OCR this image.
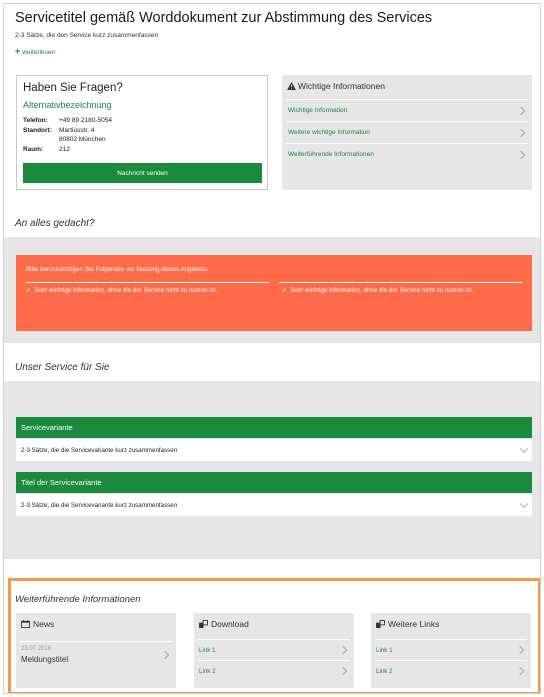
Servicetitel gemäß Worddokument zur Abstimmung des Services
2-3 Sätze, die den Service kurz zusammenfassen
+ weiterlesen
Haben Sie Fragen?
Alternativbezeichnung
Telefon: +49 89 2180-5054
Standort: Martiusstr. 4
80802 München
Raum: 212
Nachricht senden
Wichtige Informationen
Wichtige Information
Weitere wichtige Information
Weiterführende Informationen
An alles gedacht?
Bitte berücksichtigen Sie Folgendes vor Nutzung dieses Angebots:
✓ Sehr wichtige Information, ohne die der Service nicht zu nutzen ist.	✓ Sehr wichtige Information, ohne die der Service nicht zu nutzen ist.
Unser Service für Sie
Servicevariante
2-3 Sätze, die die Servicevariante kurz zusammenfassen
Titel der Servicevariante
2-3 Sätze, die die Servicevariante kurz zusammenfassen
Weiterführende Informationen
News
23.07.2018
Meldungstitel
Download
Link 1
Link 2
Weitere Links
Link 1
Link 2
